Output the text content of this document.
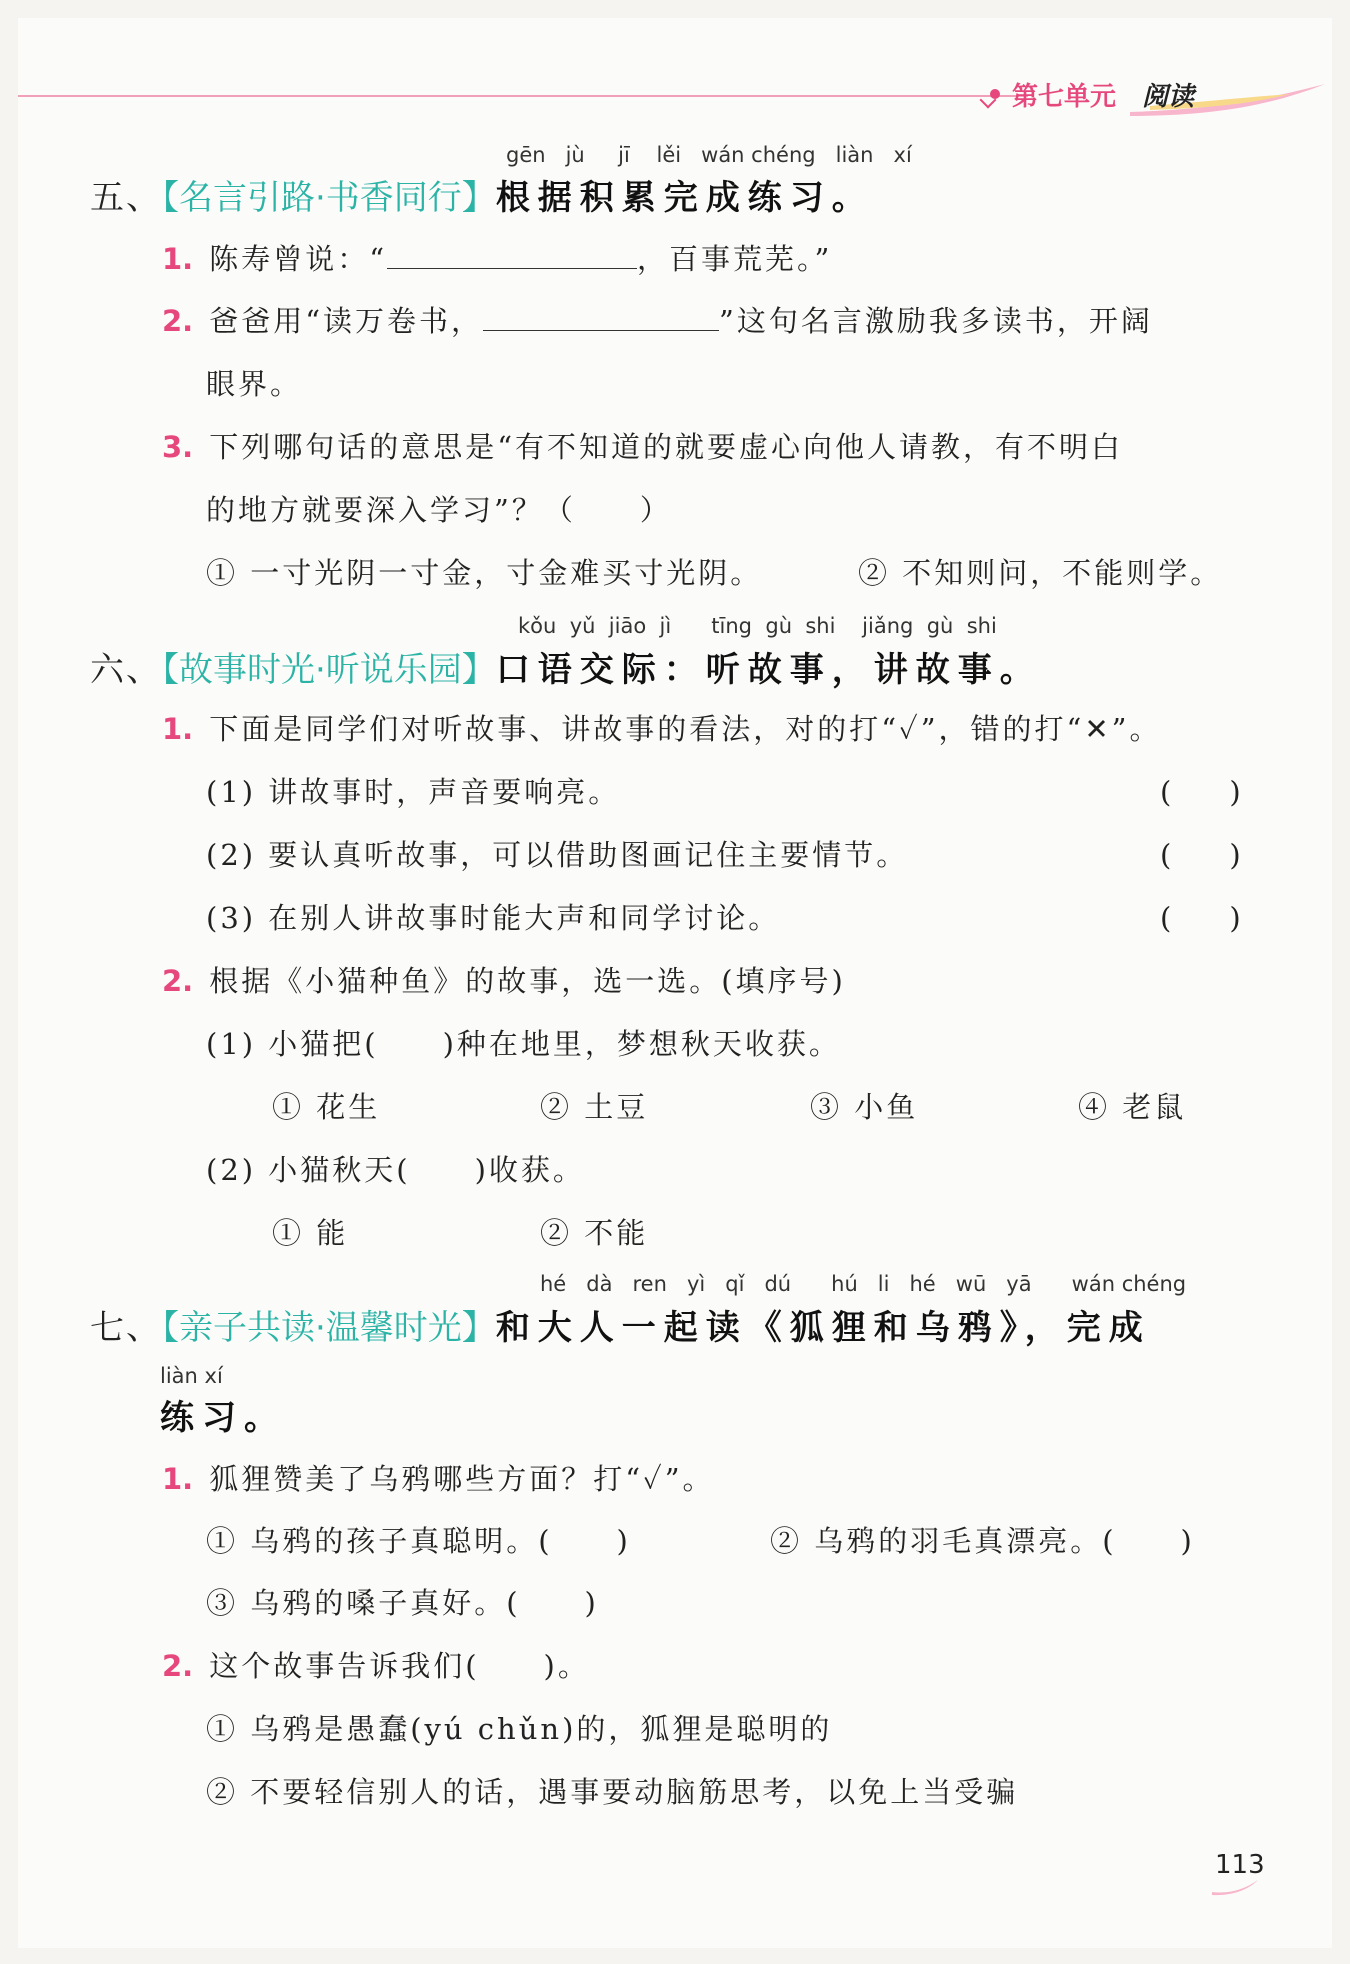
第七单元 阅读
gēn jù jī lěi wán chéng liàn xí
五、【名言引路·书香同行】根据积累完成练习。
1. 陈寿曾说：“	，百事荒芜。”
2. 爸爸用“读万卷书，	”这句名言激励我多读书，开阔
眼界。
3. 下列哪句话的意思是“有不知道的就要虚心向他人请教，有不明白
的地方就要深入学习”？（　　）
① 一寸光阴一寸金，寸金难买寸光阴。	② 不知则问，不能则学。
kǒu yǔ jiāo jì tīng gù shi jiǎng gù shi
六、【故事时光·听说乐园】口语交际：听故事，讲故事。
1. 下面是同学们对听故事、讲故事的看法，对的打“✓”，错的打“✕”。
(1) 讲故事时，声音要响亮。	(　　)
(2) 要认真听故事，可以借助图画记住主要情节。	(　　)
(3) 在别人讲故事时能大声和同学讨论。	(　　)
2. 根据《小猫种鱼》的故事，选一选。(填序号)
(1) 小猫把(　　)种在地里，梦想秋天收获。
① 花生	② 土豆	③ 小鱼	④ 老鼠
(2) 小猫秋天(　　)收获。
① 能	② 不能
hé dà ren yì qǐ dú hú li hé wū yā wán chéng
七、【亲子共读·温馨时光】和大人一起读《狐狸和乌鸦》，完成
liàn xí
练习。
1. 狐狸赞美了乌鸦哪些方面？打“✓”。
① 乌鸦的孩子真聪明。(　　)	② 乌鸦的羽毛真漂亮。(　　)
③ 乌鸦的嗓子真好。(　　)
2. 这个故事告诉我们(　　)。
① 乌鸦是愚蠢(yú chǔn)的，狐狸是聪明的
② 不要轻信别人的话，遇事要动脑筋思考，以免上当受骗
113
